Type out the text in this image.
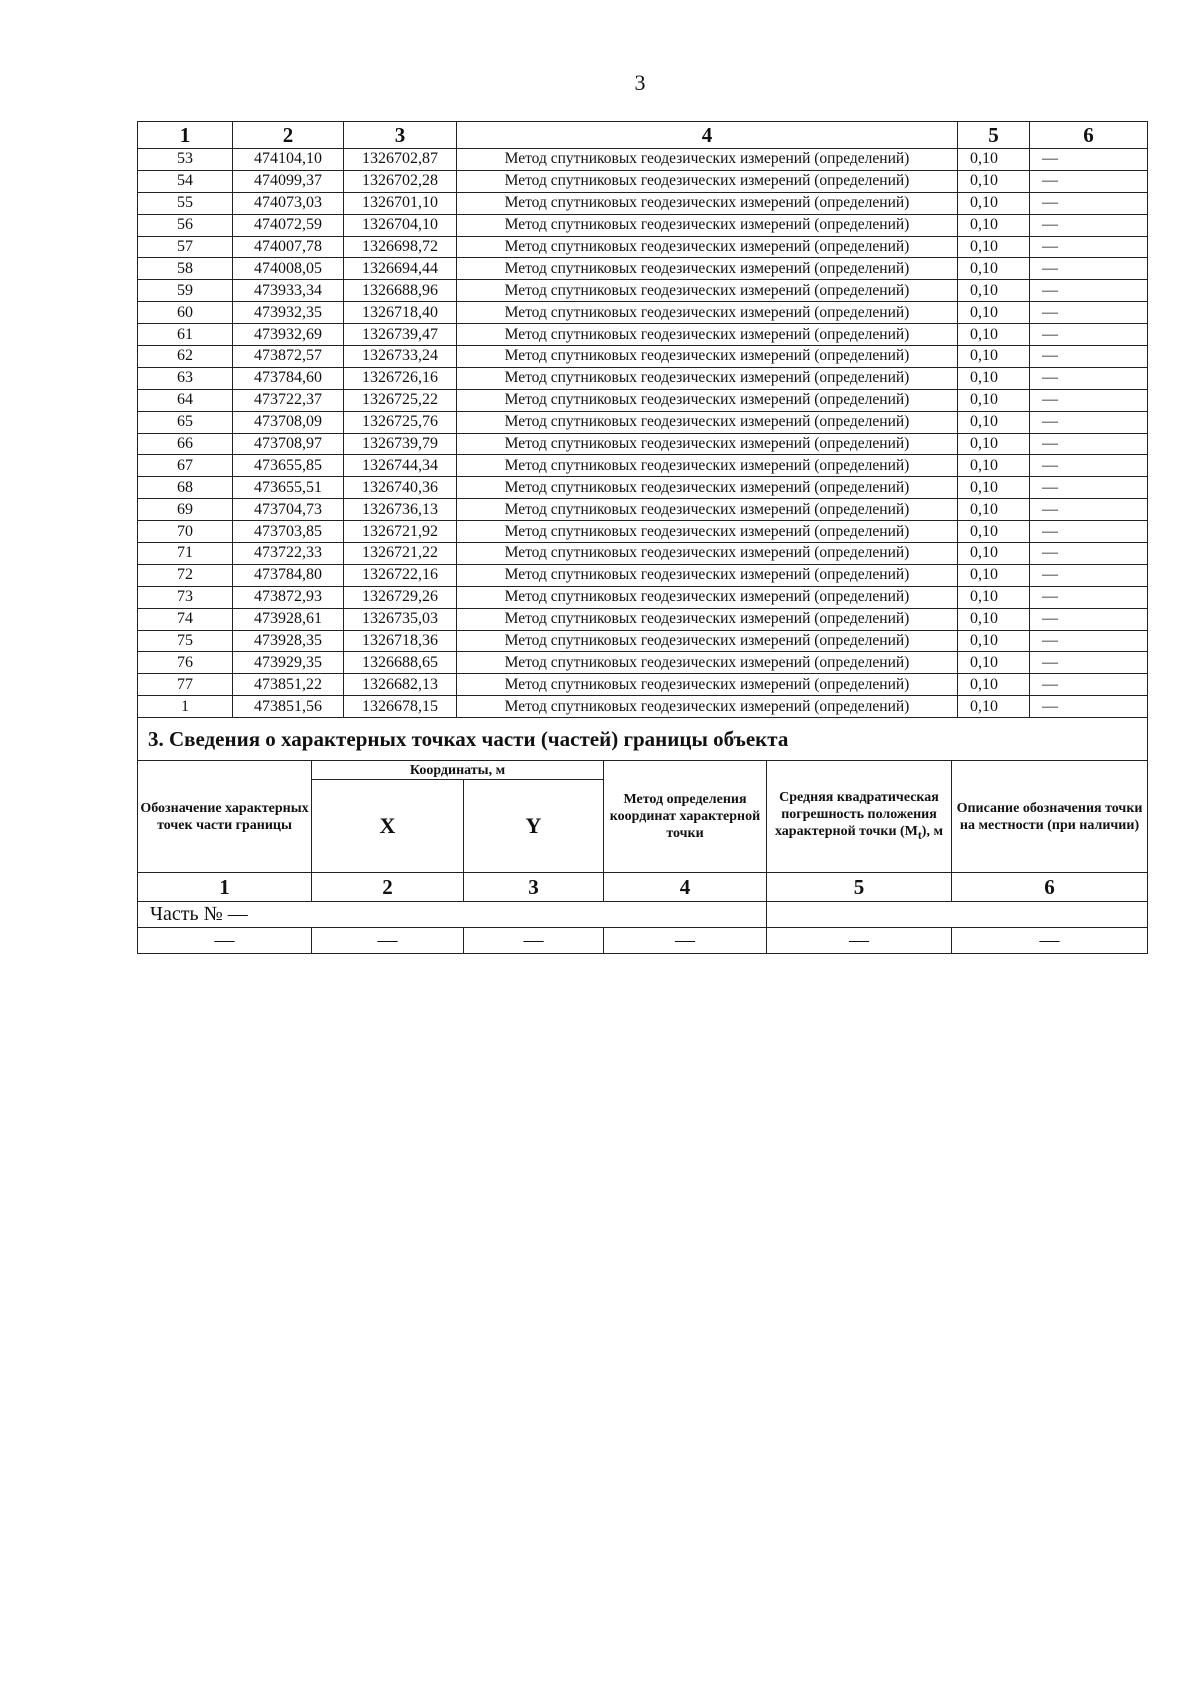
3
1	2	3	4	5	6
53	474104,10	1326702,87	Метод спутниковых геодезических измерений (определений)	0,10	—
54	474099,37	1326702,28	Метод спутниковых геодезических измерений (определений)	0,10	—
55	474073,03	1326701,10	Метод спутниковых геодезических измерений (определений)	0,10	—
56	474072,59	1326704,10	Метод спутниковых геодезических измерений (определений)	0,10	—
57	474007,78	1326698,72	Метод спутниковых геодезических измерений (определений)	0,10	—
58	474008,05	1326694,44	Метод спутниковых геодезических измерений (определений)	0,10	—
59	473933,34	1326688,96	Метод спутниковых геодезических измерений (определений)	0,10	—
60	473932,35	1326718,40	Метод спутниковых геодезических измерений (определений)	0,10	—
61	473932,69	1326739,47	Метод спутниковых геодезических измерений (определений)	0,10	—
62	473872,57	1326733,24	Метод спутниковых геодезических измерений (определений)	0,10	—
63	473784,60	1326726,16	Метод спутниковых геодезических измерений (определений)	0,10	—
64	473722,37	1326725,22	Метод спутниковых геодезических измерений (определений)	0,10	—
65	473708,09	1326725,76	Метод спутниковых геодезических измерений (определений)	0,10	—
66	473708,97	1326739,79	Метод спутниковых геодезических измерений (определений)	0,10	—
67	473655,85	1326744,34	Метод спутниковых геодезических измерений (определений)	0,10	—
68	473655,51	1326740,36	Метод спутниковых геодезических измерений (определений)	0,10	—
69	473704,73	1326736,13	Метод спутниковых геодезических измерений (определений)	0,10	—
70	473703,85	1326721,92	Метод спутниковых геодезических измерений (определений)	0,10	—
71	473722,33	1326721,22	Метод спутниковых геодезических измерений (определений)	0,10	—
72	473784,80	1326722,16	Метод спутниковых геодезических измерений (определений)	0,10	—
73	473872,93	1326729,26	Метод спутниковых геодезических измерений (определений)	0,10	—
74	473928,61	1326735,03	Метод спутниковых геодезических измерений (определений)	0,10	—
75	473928,35	1326718,36	Метод спутниковых геодезических измерений (определений)	0,10	—
76	473929,35	1326688,65	Метод спутниковых геодезических измерений (определений)	0,10	—
77	473851,22	1326682,13	Метод спутниковых геодезических измерений (определений)	0,10	—
1	473851,56	1326678,15	Метод спутниковых геодезических измерений (определений)	0,10	—
3. Сведения о характерных точках части (частей) границы объекта					
Обозначение характерных точек части границы	Координаты, м		Метод определения координат характерной точки	Средняя квадратическая погрешность положения характерной точки $(M_t)$, м	Описание обозначения точки на местности (при наличии)
	X	Y			
1	2	3	4	5	6
Часть № —					
—	—	—	—	—	—
